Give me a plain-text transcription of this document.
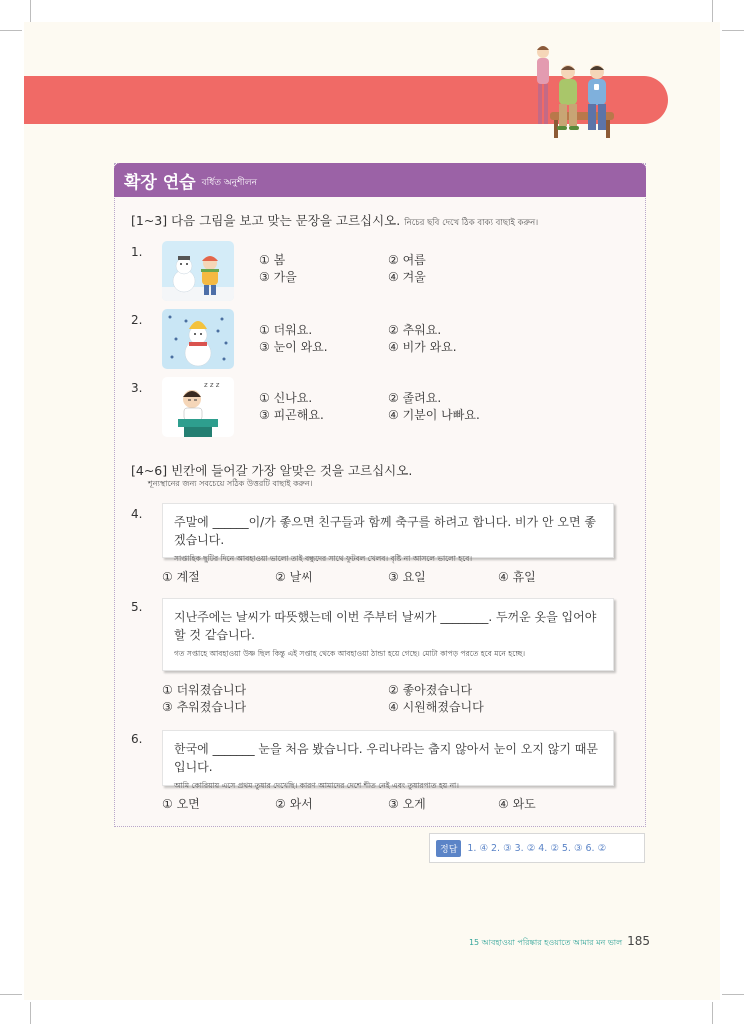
확장 연습 বর্ধিত অনুশীলন
[1~3] 다음 그림을 보고 맞는 문장을 고르십시오. নিচের ছবি দেখে ঠিক বাক্য বাছাই করুন।
1.
① 봄	② 여름
③ 가을	④ 겨울
2.
① 더워요.	② 추워요.
③ 눈이 와요.	④ 비가 와요.
3.	z z z
① 신나요.	② 졸려요.
③ 피곤해요.	④ 기분이 나빠요.
[4~6] 빈칸에 들어갈 가장 알맞은 것을 고르십시오.
শূন্যস্থানের জন্য সবচেয়ে সঠিক উত্তরটি বাছাই করুন।
4.
주말에 ______이/가 좋으면 친구들과 함께 축구를 하려고 합니다. 비가 안 오면 좋겠습니다.
সাপ্তাহিক ছুটির দিনে আবহাওয়া ভালো তাই বন্ধুদের সাথে ফুটবল খেলব। বৃষ্টি না আসলে ভালো হবে।
① 계절	② 날씨	③ 요일	④ 휴일
5.
지난주에는 날씨가 따뜻했는데 이번 주부터 날씨가 ________. 두꺼운 옷을 입어야 할 것 같습니다.
গত সপ্তাহে আবহাওয়া উষ্ণ ছিল কিন্তু এই সপ্তাহ থেকে আবহাওয়া ঠান্ডা হয়ে গেছে। মোটা কাপড় পরতে হবে মনে হচ্ছে।
① 더워졌습니다	② 좋아졌습니다
③ 추워졌습니다	④ 시원해졌습니다
6.
한국에 _______ 눈을 처음 봤습니다. 우리나라는 춥지 않아서 눈이 오지 않기 때문입니다.
আমি কোরিয়ায় এসে প্রথম তুষার দেখেছি। কারণ আমাদের দেশে শীত নেই এবং তুষারপাত হয় না।
① 오면	② 와서	③ 오게	④ 와도
정답	1. ④ 2. ③ 3. ② 4. ② 5. ③ 6. ②
15 আবহাওয়া পরিষ্কার হওয়াতে আমার মন ভাল 185
